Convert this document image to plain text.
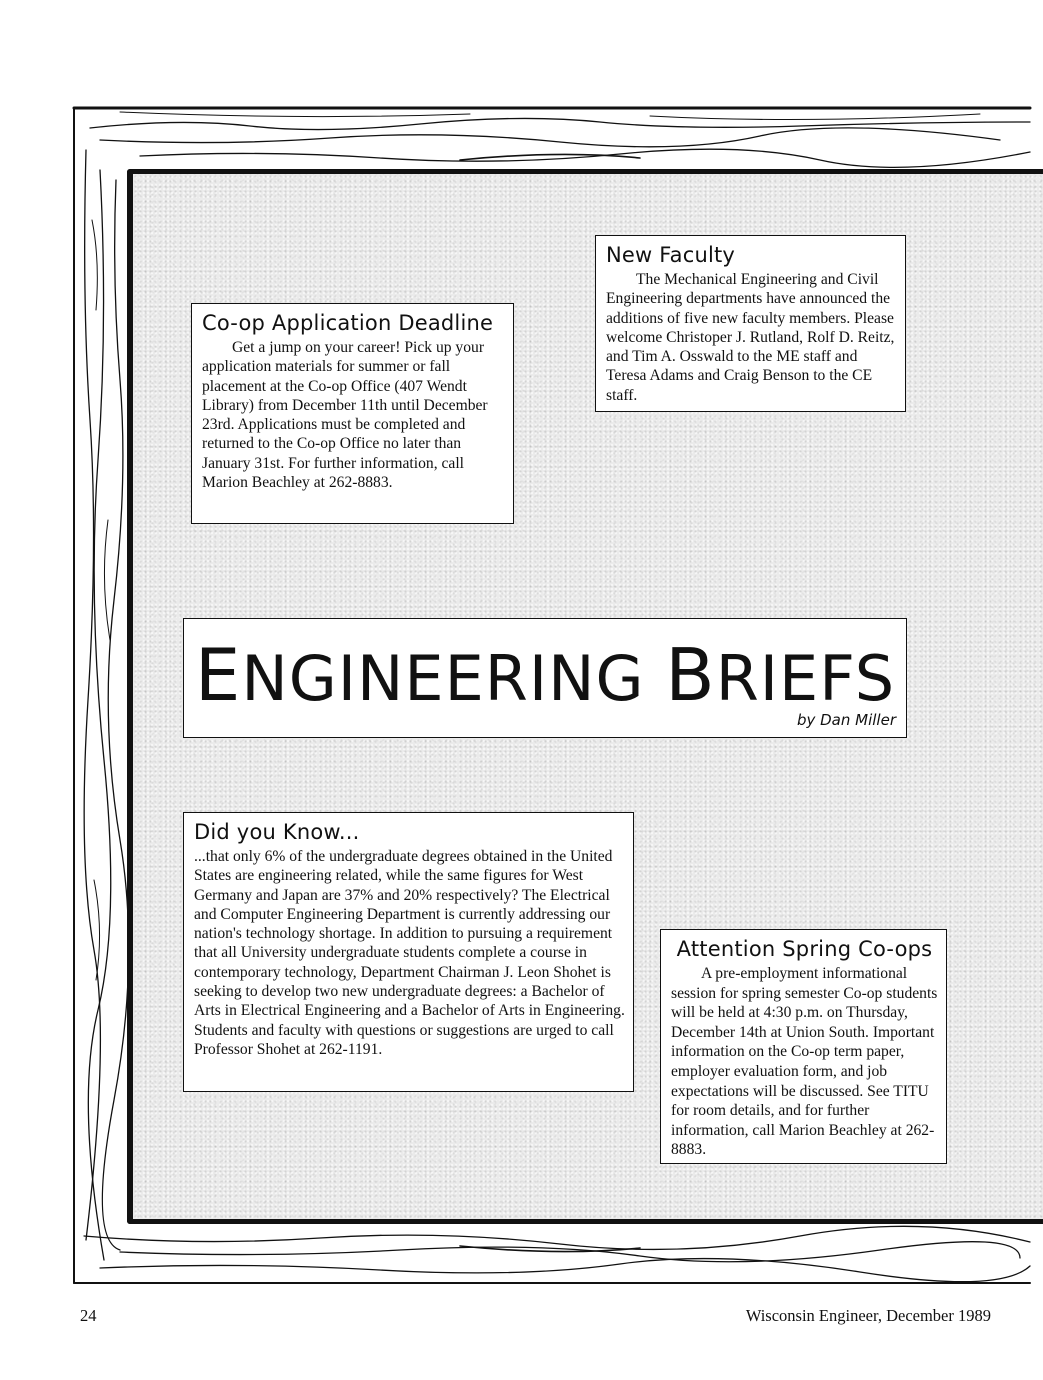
Co-op Application Deadline

Get a jump on your career! Pick up your application materials for summer or fall placement at the Co-op Office (407 Wendt Library) from December 11th until December 23rd. Applications must be completed and returned to the Co-op Office no later than January 31st. For further information, call Marion Beachley at 262-8883.

New Faculty

The Mechanical Engineering and Civil Engineering departments have announced the additions of five new faculty members. Please welcome Christoper J. Rutland, Rolf D. Reitz, and Tim A. Osswald to the ME staff and Teresa Adams and Craig Benson to the CE staff.

ENGINEERING BRIEFS
by Dan Miller
Did you Know...

...that only 6% of the undergraduate degrees obtained in the United States are engineering related, while the same figures for West Germany and Japan are 37% and 20% respectively? The Electrical and Computer Engineering Department is currently addressing our nation's technology shortage. In addition to pursuing a requirement that all University undergraduate students complete a course in contemporary technology, Department Chairman J. Leon Shohet is seeking to develop two new undergraduate degrees: a Bachelor of Arts in Electrical Engineering and a Bachelor of Arts in Engineering. Students and faculty with questions or suggestions are urged to call Professor Shohet at 262-1191.

Attention Spring Co-ops

A pre-employment informational session for spring semester Co-op students will be held at 4:30 p.m. on Thursday, December 14th at Union South. Important information on the Co-op term paper, employer evaluation form, and job expectations will be discussed. See TITU for room details, and for further information, call Marion Beachley at 262-8883.

24	Wisconsin Engineer, December 1989
